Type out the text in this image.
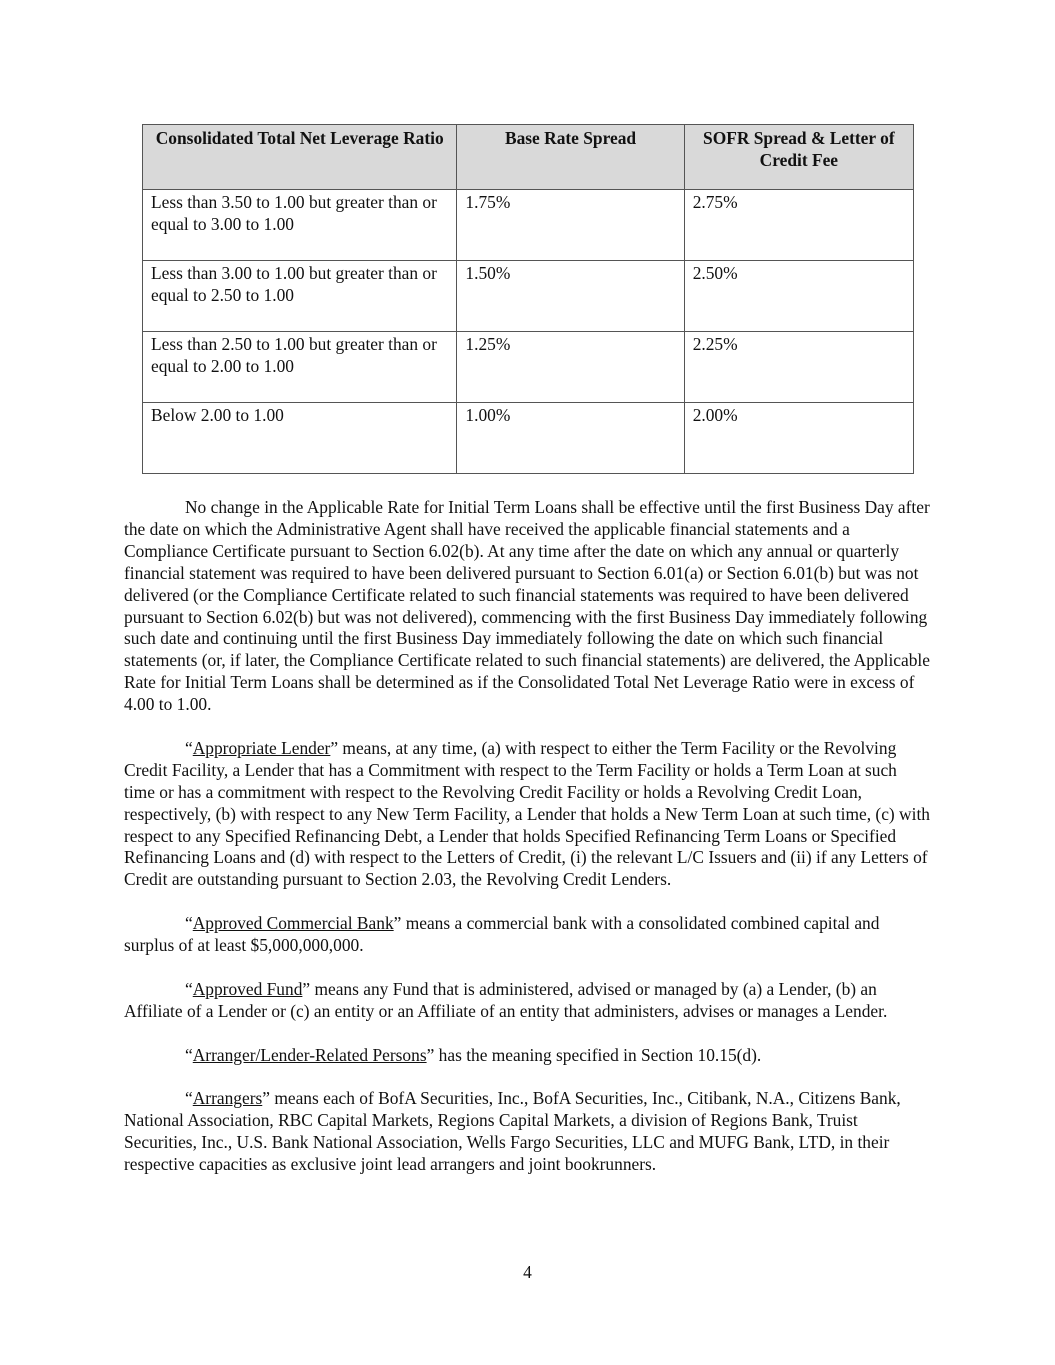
Consolidated Total Net Leverage Ratio	Base Rate Spread	SOFR Spread & Letter of Credit Fee

Less than 3.50 to 1.00 but greater than or equal to 3.00 to 1.00	1.75%	2.75%

Less than 3.00 to 1.00 but greater than or equal to 2.50 to 1.00	1.50%	2.50%

Less than 2.50 to 1.00 but greater than or equal to 2.00 to 1.00	1.25%	2.25%

Below 2.00 to 1.00	1.00%	2.00%

No change in the Applicable Rate for Initial Term Loans shall be effective until the first Business Day after the date on which the Administrative Agent shall have received the applicable financial statements and a Compliance Certificate pursuant to Section 6.02(b). At any time after the date on which any annual or quarterly financial statement was required to have been delivered pursuant to Section 6.01(a) or Section 6.01(b) but was not delivered (or the Compliance Certificate related to such financial statements was required to have been delivered pursuant to Section 6.02(b) but was not delivered), commencing with the first Business Day immediately following such date and continuing until the first Business Day immediately following the date on which such financial statements (or, if later, the Compliance Certificate related to such financial statements) are delivered, the Applicable Rate for Initial Term Loans shall be determined as if the Consolidated Total Net Leverage Ratio were in excess of 4.00 to 1.00.

“Appropriate Lender” means, at any time, (a) with respect to either the Term Facility or the Revolving Credit Facility, a Lender that has a Commitment with respect to the Term Facility or holds a Term Loan at such time or has a commitment with respect to the Revolving Credit Facility or holds a Revolving Credit Loan, respectively, (b) with respect to any New Term Facility, a Lender that holds a New Term Loan at such time, (c) with respect to any Specified Refinancing Debt, a Lender that holds Specified Refinancing Term Loans or Specified Refinancing Loans and (d) with respect to the Letters of Credit, (i) the relevant L/C Issuers and (ii) if any Letters of Credit are outstanding pursuant to Section 2.03, the Revolving Credit Lenders.

“Approved Commercial Bank” means a commercial bank with a consolidated combined capital and surplus of at least $5,000,000,000.

“Approved Fund” means any Fund that is administered, advised or managed by (a) a Lender, (b) an Affiliate of a Lender or (c) an entity or an Affiliate of an entity that administers, advises or manages a Lender.

“Arranger/Lender-Related Persons” has the meaning specified in Section 10.15(d).

“Arrangers” means each of BofA Securities, Inc., BofA Securities, Inc., Citibank, N.A., Citizens Bank, National Association, RBC Capital Markets, Regions Capital Markets, a division of Regions Bank, Truist Securities, Inc., U.S. Bank National Association, Wells Fargo Securities, LLC and MUFG Bank, LTD, in their respective capacities as exclusive joint lead arrangers and joint bookrunners.

4
